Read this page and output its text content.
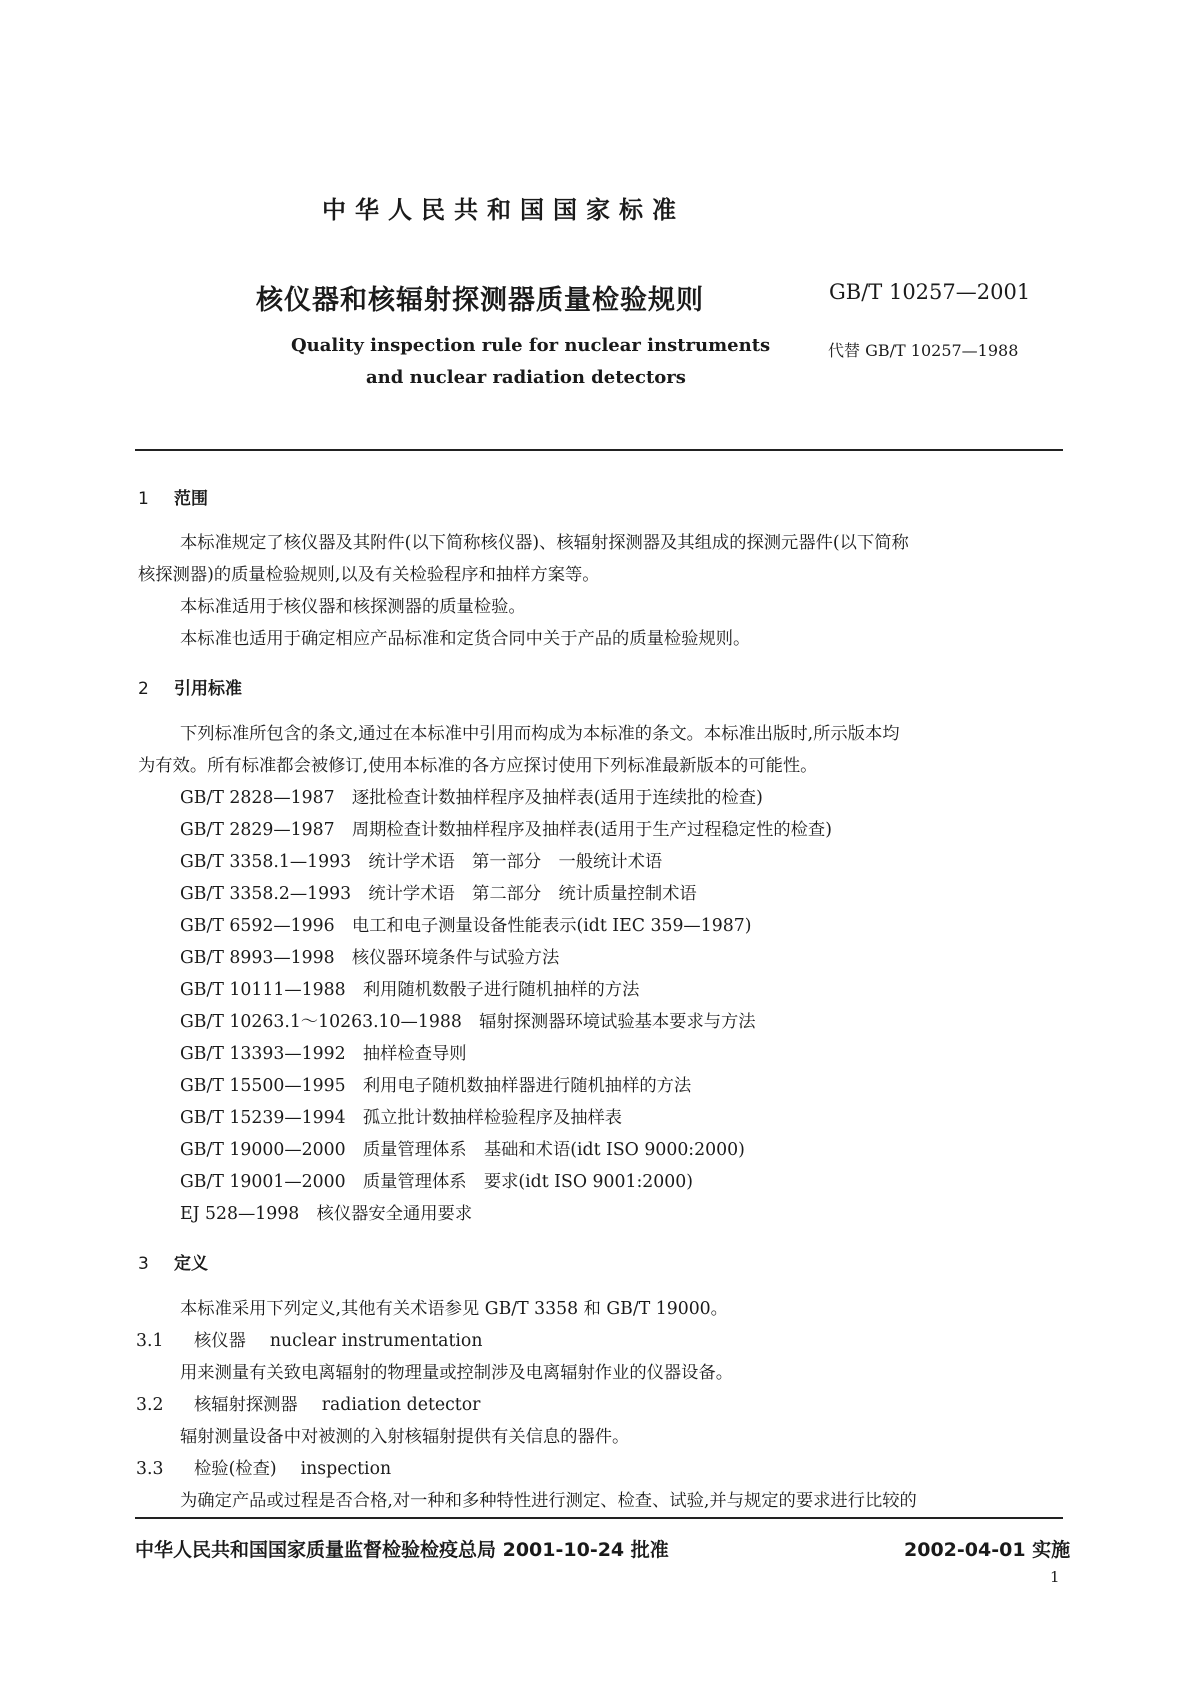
中华人民共和国国家标准
核仪器和核辐射探测器质量检验规则	GB/T 10257—2001
Quality inspection rule for nuclear instruments
and nuclear radiation detectors
代替 GB/T 10257—1988
1 范围
本标准规定了核仪器及其附件(以下简称核仪器)、核辐射探测器及其组成的探测元器件(以下简称
核探测器)的质量检验规则,以及有关检验程序和抽样方案等。
本标准适用于核仪器和核探测器的质量检验。
本标准也适用于确定相应产品标准和定货合同中关于产品的质量检验规则。
2 引用标准
下列标准所包含的条文,通过在本标准中引用而构成为本标准的条文。本标准出版时,所示版本均
为有效。所有标准都会被修订,使用本标准的各方应探讨使用下列标准最新版本的可能性。
GB/T 2828—1987　逐批检查计数抽样程序及抽样表(适用于连续批的检查)
GB/T 2829—1987　周期检查计数抽样程序及抽样表(适用于生产过程稳定性的检查)
GB/T 3358.1—1993　统计学术语　第一部分　一般统计术语
GB/T 3358.2—1993　统计学术语　第二部分　统计质量控制术语
GB/T 6592—1996　电工和电子测量设备性能表示(idt IEC 359—1987)
GB/T 8993—1998　核仪器环境条件与试验方法
GB/T 10111—1988　利用随机数骰子进行随机抽样的方法
GB/T 10263.1～10263.10—1988　辐射探测器环境试验基本要求与方法
GB/T 13393—1992　抽样检查导则
GB/T 15500—1995　利用电子随机数抽样器进行随机抽样的方法
GB/T 15239—1994　孤立批计数抽样检验程序及抽样表
GB/T 19000—2000　质量管理体系　基础和术语(idt ISO 9000:2000)
GB/T 19001—2000　质量管理体系　要求(idt ISO 9001:2000)
EJ 528—1998　核仪器安全通用要求
3 定义
本标准采用下列定义,其他有关术语参见 GB/T 3358 和 GB/T 19000。
3.1 核仪器 nuclear instrumentation
用来测量有关致电离辐射的物理量或控制涉及电离辐射作业的仪器设备。
3.2 核辐射探测器 radiation detector
辐射测量设备中对被测的入射核辐射提供有关信息的器件。
3.3 检验(检查) inspection
为确定产品或过程是否合格,对一种和多种特性进行测定、检查、试验,并与规定的要求进行比较的
中华人民共和国国家质量监督检验检疫总局 2001-10-24 批准	2002-04-01 实施
1
